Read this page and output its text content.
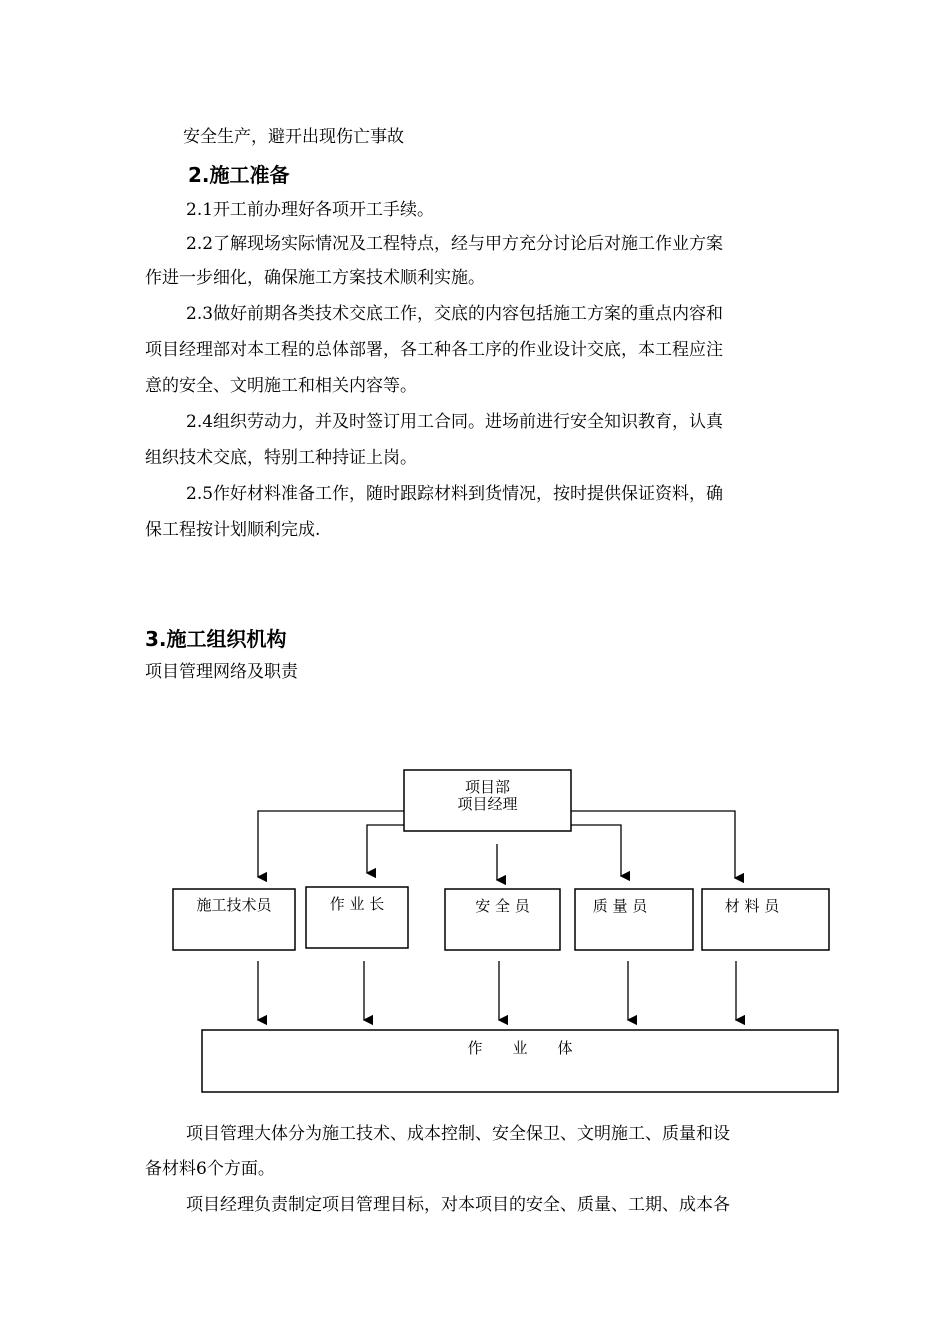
安全生产，避开出现伤亡事故
2.施工准备
2.1开工前办理好各项开工手续。
2.2了解现场实际情况及工程特点，经与甲方充分讨论后对施工作业方案
作进一步细化，确保施工方案技术顺利实施。
2.3做好前期各类技术交底工作，交底的内容包括施工方案的重点内容和
项目经理部对本工程的总体部署，各工种各工序的作业设计交底，本工程应注
意的安全、文明施工和相关内容等。
2.4组织劳动力，并及时签订用工合同。进场前进行安全知识教育，认真
组织技术交底，特别工种持证上岗。
2.5作好材料准备工作，随时跟踪材料到货情况，按时提供保证资料，确
保工程按计划顺利完成.
3.施工组织机构
项目管理网络及职责
项目部
项目经理
施工技术员	作 业 长	安 全 员	质 量 员	材 料 员
作　　业　　体
项目管理大体分为施工技术、成本控制、安全保卫、文明施工、质量和设
备材料6个方面。
项目经理负责制定项目管理目标，对本项目的安全、质量、工期、成本各
